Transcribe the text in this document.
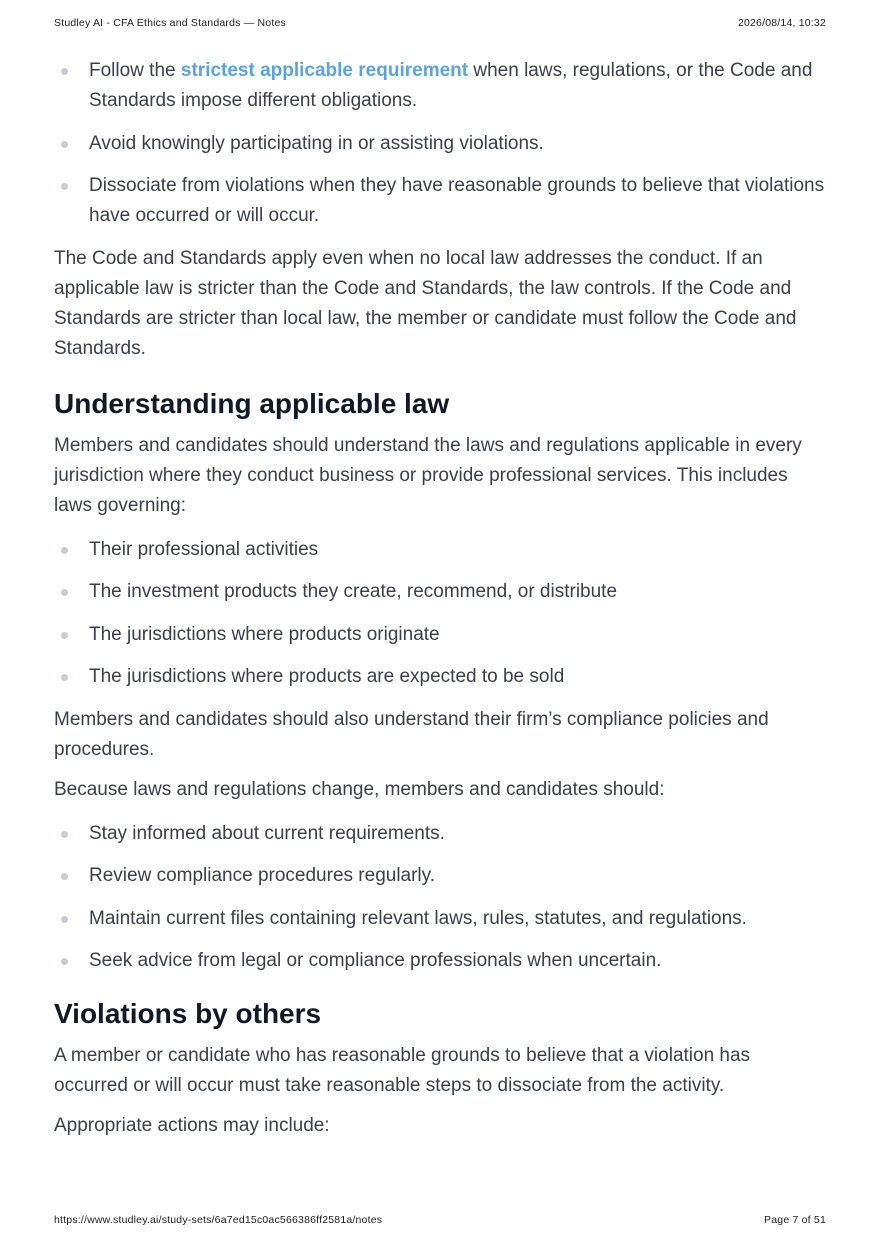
Studley AI - CFA Ethics and Standards — Notes	2026/08/14, 10:32
Follow the strictest applicable requirement when laws, regulations, or the Code and Standards impose different obligations.
Avoid knowingly participating in or assisting violations.
Dissociate from violations when they have reasonable grounds to believe that violations have occurred or will occur.

The Code and Standards apply even when no local law addresses the conduct. If an applicable law is stricter than the Code and Standards, the law controls. If the Code and Standards are stricter than local law, the member or candidate must follow the Code and Standards.

Understanding applicable law

Members and candidates should understand the laws and regulations applicable in every jurisdiction where they conduct business or provide professional services. This includes laws governing:

Their professional activities
The investment products they create, recommend, or distribute
The jurisdictions where products originate
The jurisdictions where products are expected to be sold

Members and candidates should also understand their firm’s compliance policies and procedures.

Because laws and regulations change, members and candidates should:

Stay informed about current requirements.
Review compliance procedures regularly.
Maintain current files containing relevant laws, rules, statutes, and regulations.
Seek advice from legal or compliance professionals when uncertain.
Violations by others

A member or candidate who has reasonable grounds to believe that a violation has occurred or will occur must take reasonable steps to dissociate from the activity.

Appropriate actions may include:

https://www.studley.ai/study-sets/6a7ed15c0ac566386ff2581a/notes	Page 7 of 51
